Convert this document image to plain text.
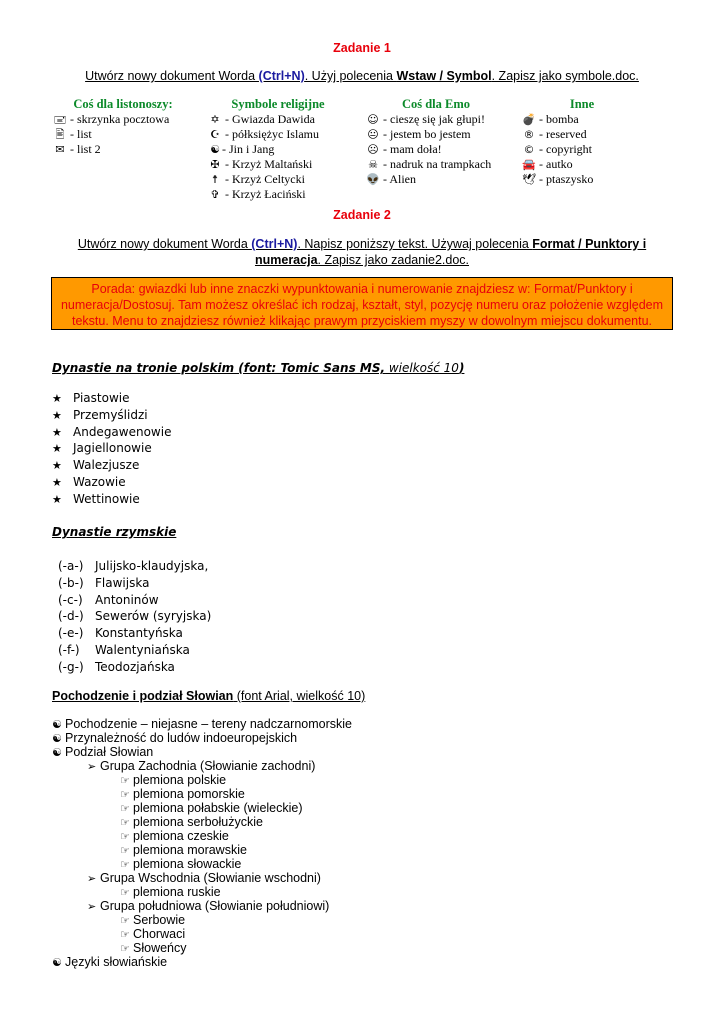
Zadanie 1
Utwórz nowy dokument Worda (Ctrl+N). Użyj polecenia Wstaw / Symbol. Zapisz jako symbole.doc.
Coś dla listonoszy:
🖃 - skrzynka pocztowa
🖹 - list
✉ - list 2
Symbole religijne
✡ - Gwiazda Dawida
☪ - półksiężyc Islamu
☯ - Jin i Jang
✠ - Krzyż Maltański
☨ - Krzyż Celtycki
✞ - Krzyż Łaciński
Coś dla Emo
☺ - cieszę się jak głupi!
😐 - jestem bo jestem
☹ - mam doła!
☠ - nadruk na trampkach
👽 - Alien
Inne
💣 - bomba
® - reserved
© - copyright
🚘 - autko
🕊 - ptaszysko
Zadanie 2
Utwórz nowy dokument Worda (Ctrl+N). Napisz poniższy tekst. Używaj polecenia Format / Punktory i numeracja. Zapisz jako zadanie2.doc.
Porada: gwiazdki lub inne znaczki wypunktowania i numerowanie znajdziesz w: Format/Punktory i numeracja/Dostosuj. Tam możesz określać ich rodzaj, kształt, styl, pozycję numeru oraz położenie względem tekstu. Menu to znajdziesz również klikając prawym przyciskiem myszy w dowolnym miejscu dokumentu.
Dynastie na tronie polskim (font: Tomic Sans MS, wielkość 10)
★ Piastowie
★ Przemyślidzi
★ Andegawenowie
★ Jagiellonowie
★ Walezjusze
★ Wazowie
★ Wettinowie
Dynastie rzymskie
(-a-) Julijsko-klaudyjska,
(-b-) Flawijska
(-c-) Antoninów
(-d-) Sewerów (syryjska)
(-e-) Konstantyńska
(-f-) Walentyniańska
(-g-) Teodozjańska
Pochodzenie i podział Słowian (font Arial, wielkość 10)
☯ Pochodzenie – niejasne – tereny nadczarnomorskie
☯ Przynależność do ludów indoeuropejskich
☯ Podział Słowian
➢ Grupa Zachodnia (Słowianie zachodni)
☞ plemiona polskie
☞ plemiona pomorskie
☞ plemiona połabskie (wieleckie)
☞ plemiona serbołużyckie
☞ plemiona czeskie
☞ plemiona morawskie
☞ plemiona słowackie
➢ Grupa Wschodnia (Słowianie wschodni)
☞ plemiona ruskie
➢ Grupa południowa (Słowianie południowi)
☞ Serbowie
☞ Chorwaci
☞ Słoweńcy
☯ Języki słowiańskie
